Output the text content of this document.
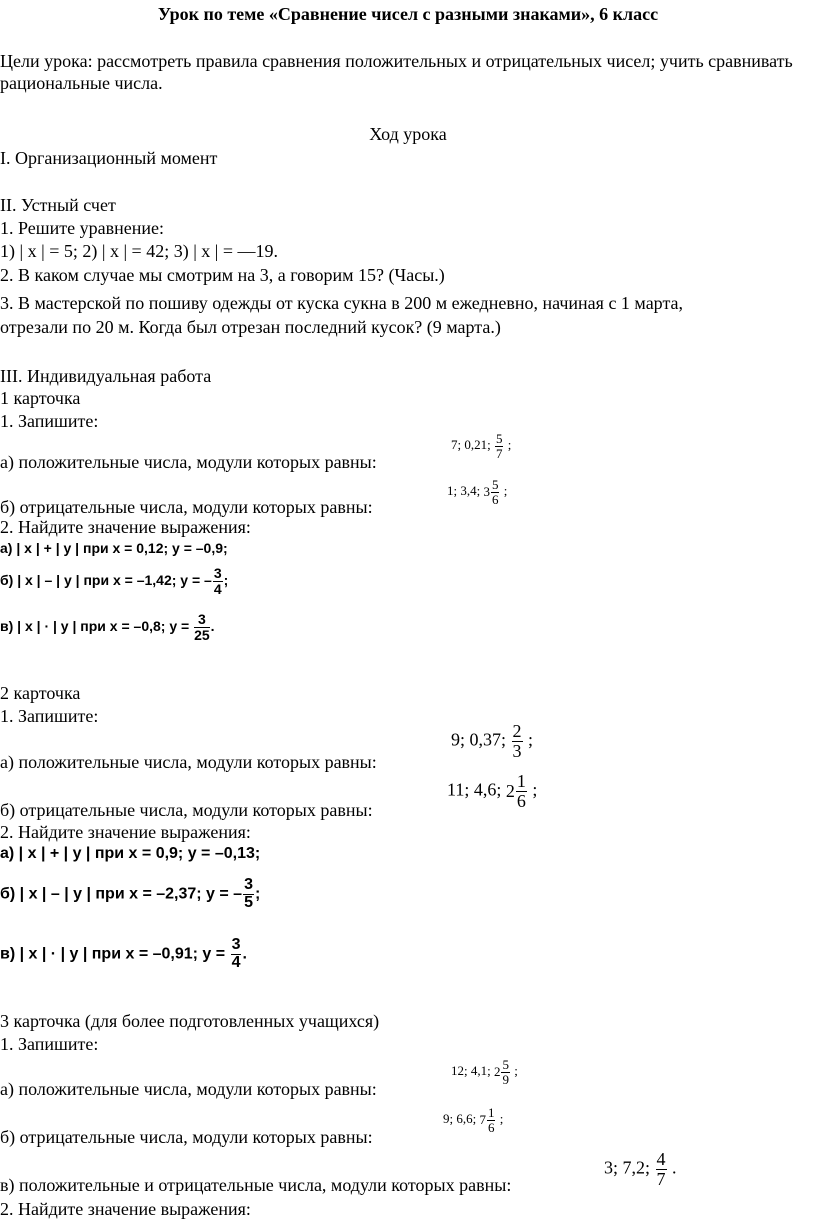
Урок по теме «Сравнение чисел с разными знаками», 6 класс
Цели урока: рассмотреть правила сравнения положительных и отрицательных чисел; учить сравнивать рациональные числа.
Ход урока
I. Организационный момент
II. Устный счет
1. Решите уравнение:
1) | x | = 5; 2) | x | = 42; 3) | x | = —19.
2. В каком случае мы смотрим на 3, а говорим 15? (Часы.)
3. В мастерской по пошиву одежды от куска сукна в 200 м ежедневно, начиная с 1 марта,
отрезали по 20 м. Когда был отрезан последний кусок? (9 марта.)
III. Индивидуальная работа
1 карточка
1. Запишите:
а) положительные числа, модули которых равны:
7; 0,21; $\frac{5}{7}$ ;
б) отрицательные числа, модули которых равны:
1; 3,4; $3 \frac{5}{6}$ ;
2. Найдите значение выражения:
а) | x | + | y | при х = 0,12; y = –0,9;
б) | x | – | y | при х = –1,42; y = – $\frac{3}{4}$ ;
в) | x | · | y | при х = –0,8; $y = \frac{3}{25}$ .
2 карточка
1. Запишите:
а) положительные числа, модули которых равны:
9; 0,37; $\frac{2}{3}$ ;
б) отрицательные числа, модули которых равны:
11; 4,6; $2 \frac{1}{6}$ ;
2. Найдите значение выражения:
а) | x | + | y | при х = 0,9; y = –0,13;
б) | x | – | y | при х = –2,37; y = – $\frac{3}{5}$ ;
в) | x | · | y | при х = –0,91; $y = \frac{3}{4}$ .
3 карточка (для более подготовленных учащихся)
1. Запишите:
а) положительные числа, модули которых равны:
12; 4,1; $2 \frac{5}{9}$ ;
б) отрицательные числа, модули которых равны:
9; 6,6; $7 \frac{1}{6}$ ;
в) положительные и отрицательные числа, модули которых равны:
3; 7,2; $\frac{4}{7}$ .
2. Найдите значение выражения:
